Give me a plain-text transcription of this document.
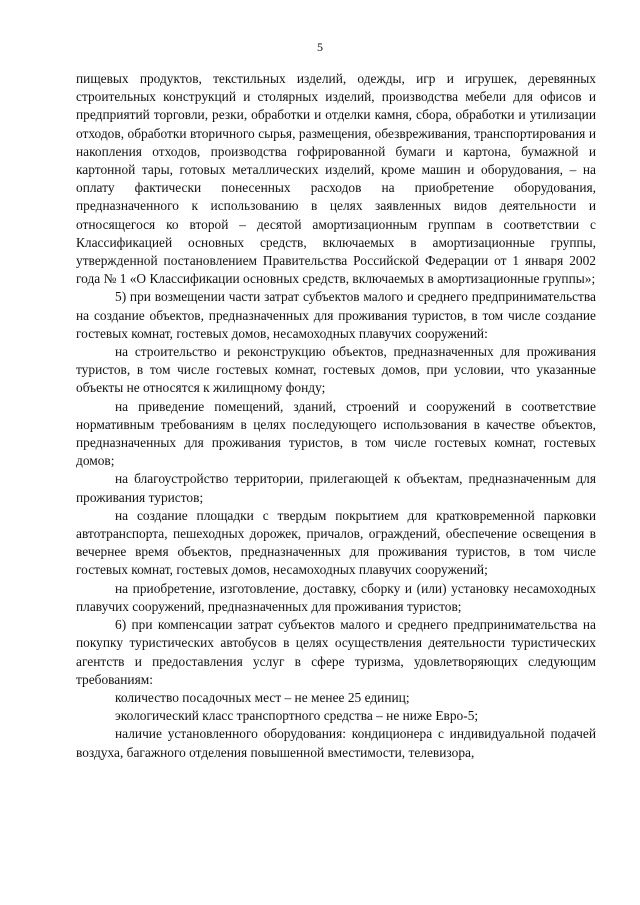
5

пищевых продуктов, текстильных изделий, одежды, игр и игрушек, деревянных строительных конструкций и столярных изделий, производства мебели для офисов и предприятий торговли, резки, обработки и отделки камня, сбора, обработки и утилизации отходов, обработки вторичного сырья, размещения, обезвреживания, транспортирования и накопления отходов, производства гофрированной бумаги и картона, бумажной и картонной тары, готовых металлических изделий, кроме машин и оборудования, – на оплату фактически понесенных расходов на приобретение оборудования, предназначенного к использованию в целях заявленных видов деятельности и относящегося ко второй – десятой амортизационным группам в соответствии с Классификацией основных средств, включаемых в амортизационные группы, утвержденной постановлением Правительства Российской Федерации от 1 января 2002 года № 1 «О Классификации основных средств, включаемых в амортизационные группы»;

5) при возмещении части затрат субъектов малого и среднего предпринимательства на создание объектов, предназначенных для проживания туристов, в том числе создание гостевых комнат, гостевых домов, несамоходных плавучих сооружений:

на строительство и реконструкцию объектов, предназначенных для проживания туристов, в том числе гостевых комнат, гостевых домов, при условии, что указанные объекты не относятся к жилищному фонду;

на приведение помещений, зданий, строений и сооружений в соответствие нормативным требованиям в целях последующего использования в качестве объектов, предназначенных для проживания туристов, в том числе гостевых комнат, гостевых домов;

на благоустройство территории, прилегающей к объектам, предназначенным для проживания туристов;

на создание площадки с твердым покрытием для кратковременной парковки автотранспорта, пешеходных дорожек, причалов, ограждений, обеспечение освещения в вечернее время объектов, предназначенных для проживания туристов, в том числе гостевых комнат, гостевых домов, несамоходных плавучих сооружений;

на приобретение, изготовление, доставку, сборку и (или) установку несамоходных плавучих сооружений, предназначенных для проживания туристов;

6) при компенсации затрат субъектов малого и среднего предпринимательства на покупку туристических автобусов в целях осуществления деятельности туристических агентств и предоставления услуг в сфере туризма, удовлетворяющих следующим требованиям:

количество посадочных мест – не менее 25 единиц;

экологический класс транспортного средства – не ниже Евро-5;

наличие установленного оборудования: кондиционера с индивидуальной подачей воздуха, багажного отделения повышенной вместимости, телевизора,
